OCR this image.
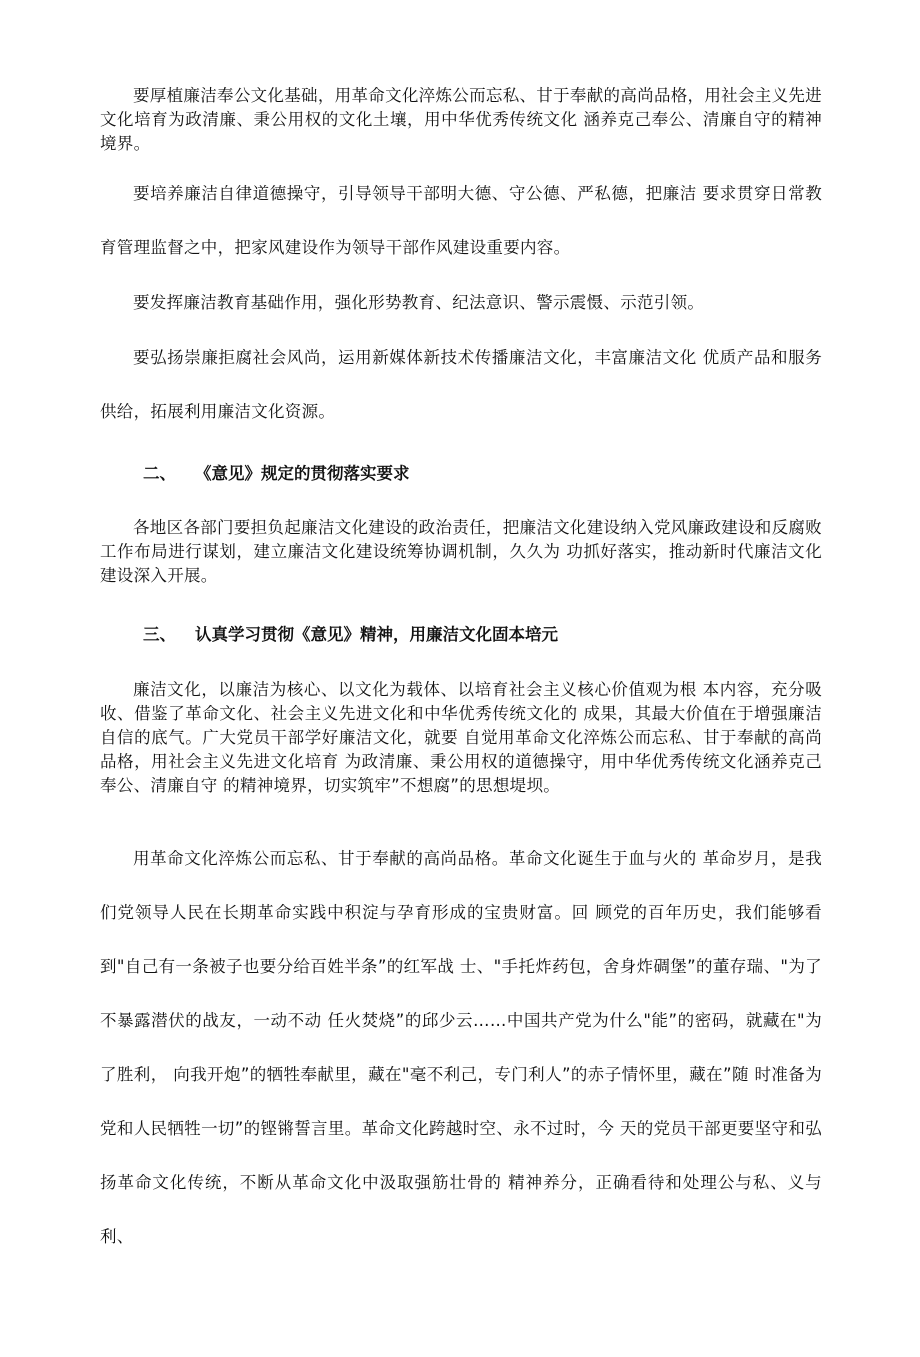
要厚植廉洁奉公文化基础，用革命文化淬炼公而忘私、甘于奉献的高尚品格，用社会主义先进文化培育为政清廉、秉公用权的文化土壤，用中华优秀传统文化 涵养克己奉公、清廉自守的精神境界。

要培养廉洁自律道德操守，引导领导干部明大德、守公德、严私德，把廉洁 要求贯穿日常教育管理监督之中，把家风建设作为领导干部作风建设重要内容。

要发挥廉洁教育基础作用，强化形势教育、纪法意识、警示震慑、示范引领。

要弘扬崇廉拒腐社会风尚，运用新媒体新技术传播廉洁文化，丰富廉洁文化 优质产品和服务供给，拓展利用廉洁文化资源。

二、 《意见》规定的贯彻落实要求

各地区各部门要担负起廉洁文化建设的政治责任，把廉洁文化建设纳入党风廉政建设和反腐败工作布局进行谋划，建立廉洁文化建设统筹协调机制，久久为 功抓好落实，推动新时代廉洁文化建设深入开展。

三、 认真学习贯彻《意见》精神，用廉洁文化固本培元

廉洁文化，以廉洁为核心、以文化为载体、以培育社会主义核心价值观为根 本内容，充分吸收、借鉴了革命文化、社会主义先进文化和中华优秀传统文化的 成果，其最大价值在于增强廉洁自信的底气。广大党员干部学好廉洁文化，就要 自觉用革命文化淬炼公而忘私、甘于奉献的高尚品格，用社会主义先进文化培育 为政清廉、秉公用权的道德操守，用中华优秀传统文化涵养克己奉公、清廉自守 的精神境界，切实筑牢”不想腐”的思想堤坝。

用革命文化淬炼公而忘私、甘于奉献的高尚品格。革命文化诞生于血与火的 革命岁月，是我们党领导人民在长期革命实践中积淀与孕育形成的宝贵财富。回 顾党的百年历史，我们能够看到"自己有一条被子也要分给百姓半条”的红军战 士、"手托炸药包，舍身炸碉堡”的董存瑞、"为了不暴露潜伏的战友，一动不动 任火焚烧”的邱少云……中国共产党为什么"能”的密码，就藏在"为了胜利， 向我开炮”的牺牲奉献里，藏在"毫不利己，专门利人”的赤子情怀里，藏在”随 时准备为党和人民牺牲一切”的铿锵誓言里。革命文化跨越时空、永不过时，今 天的党员干部更要坚守和弘扬革命文化传统，不断从革命文化中汲取强筋壮骨的 精神养分，正确看待和处理公与私、义与利、
